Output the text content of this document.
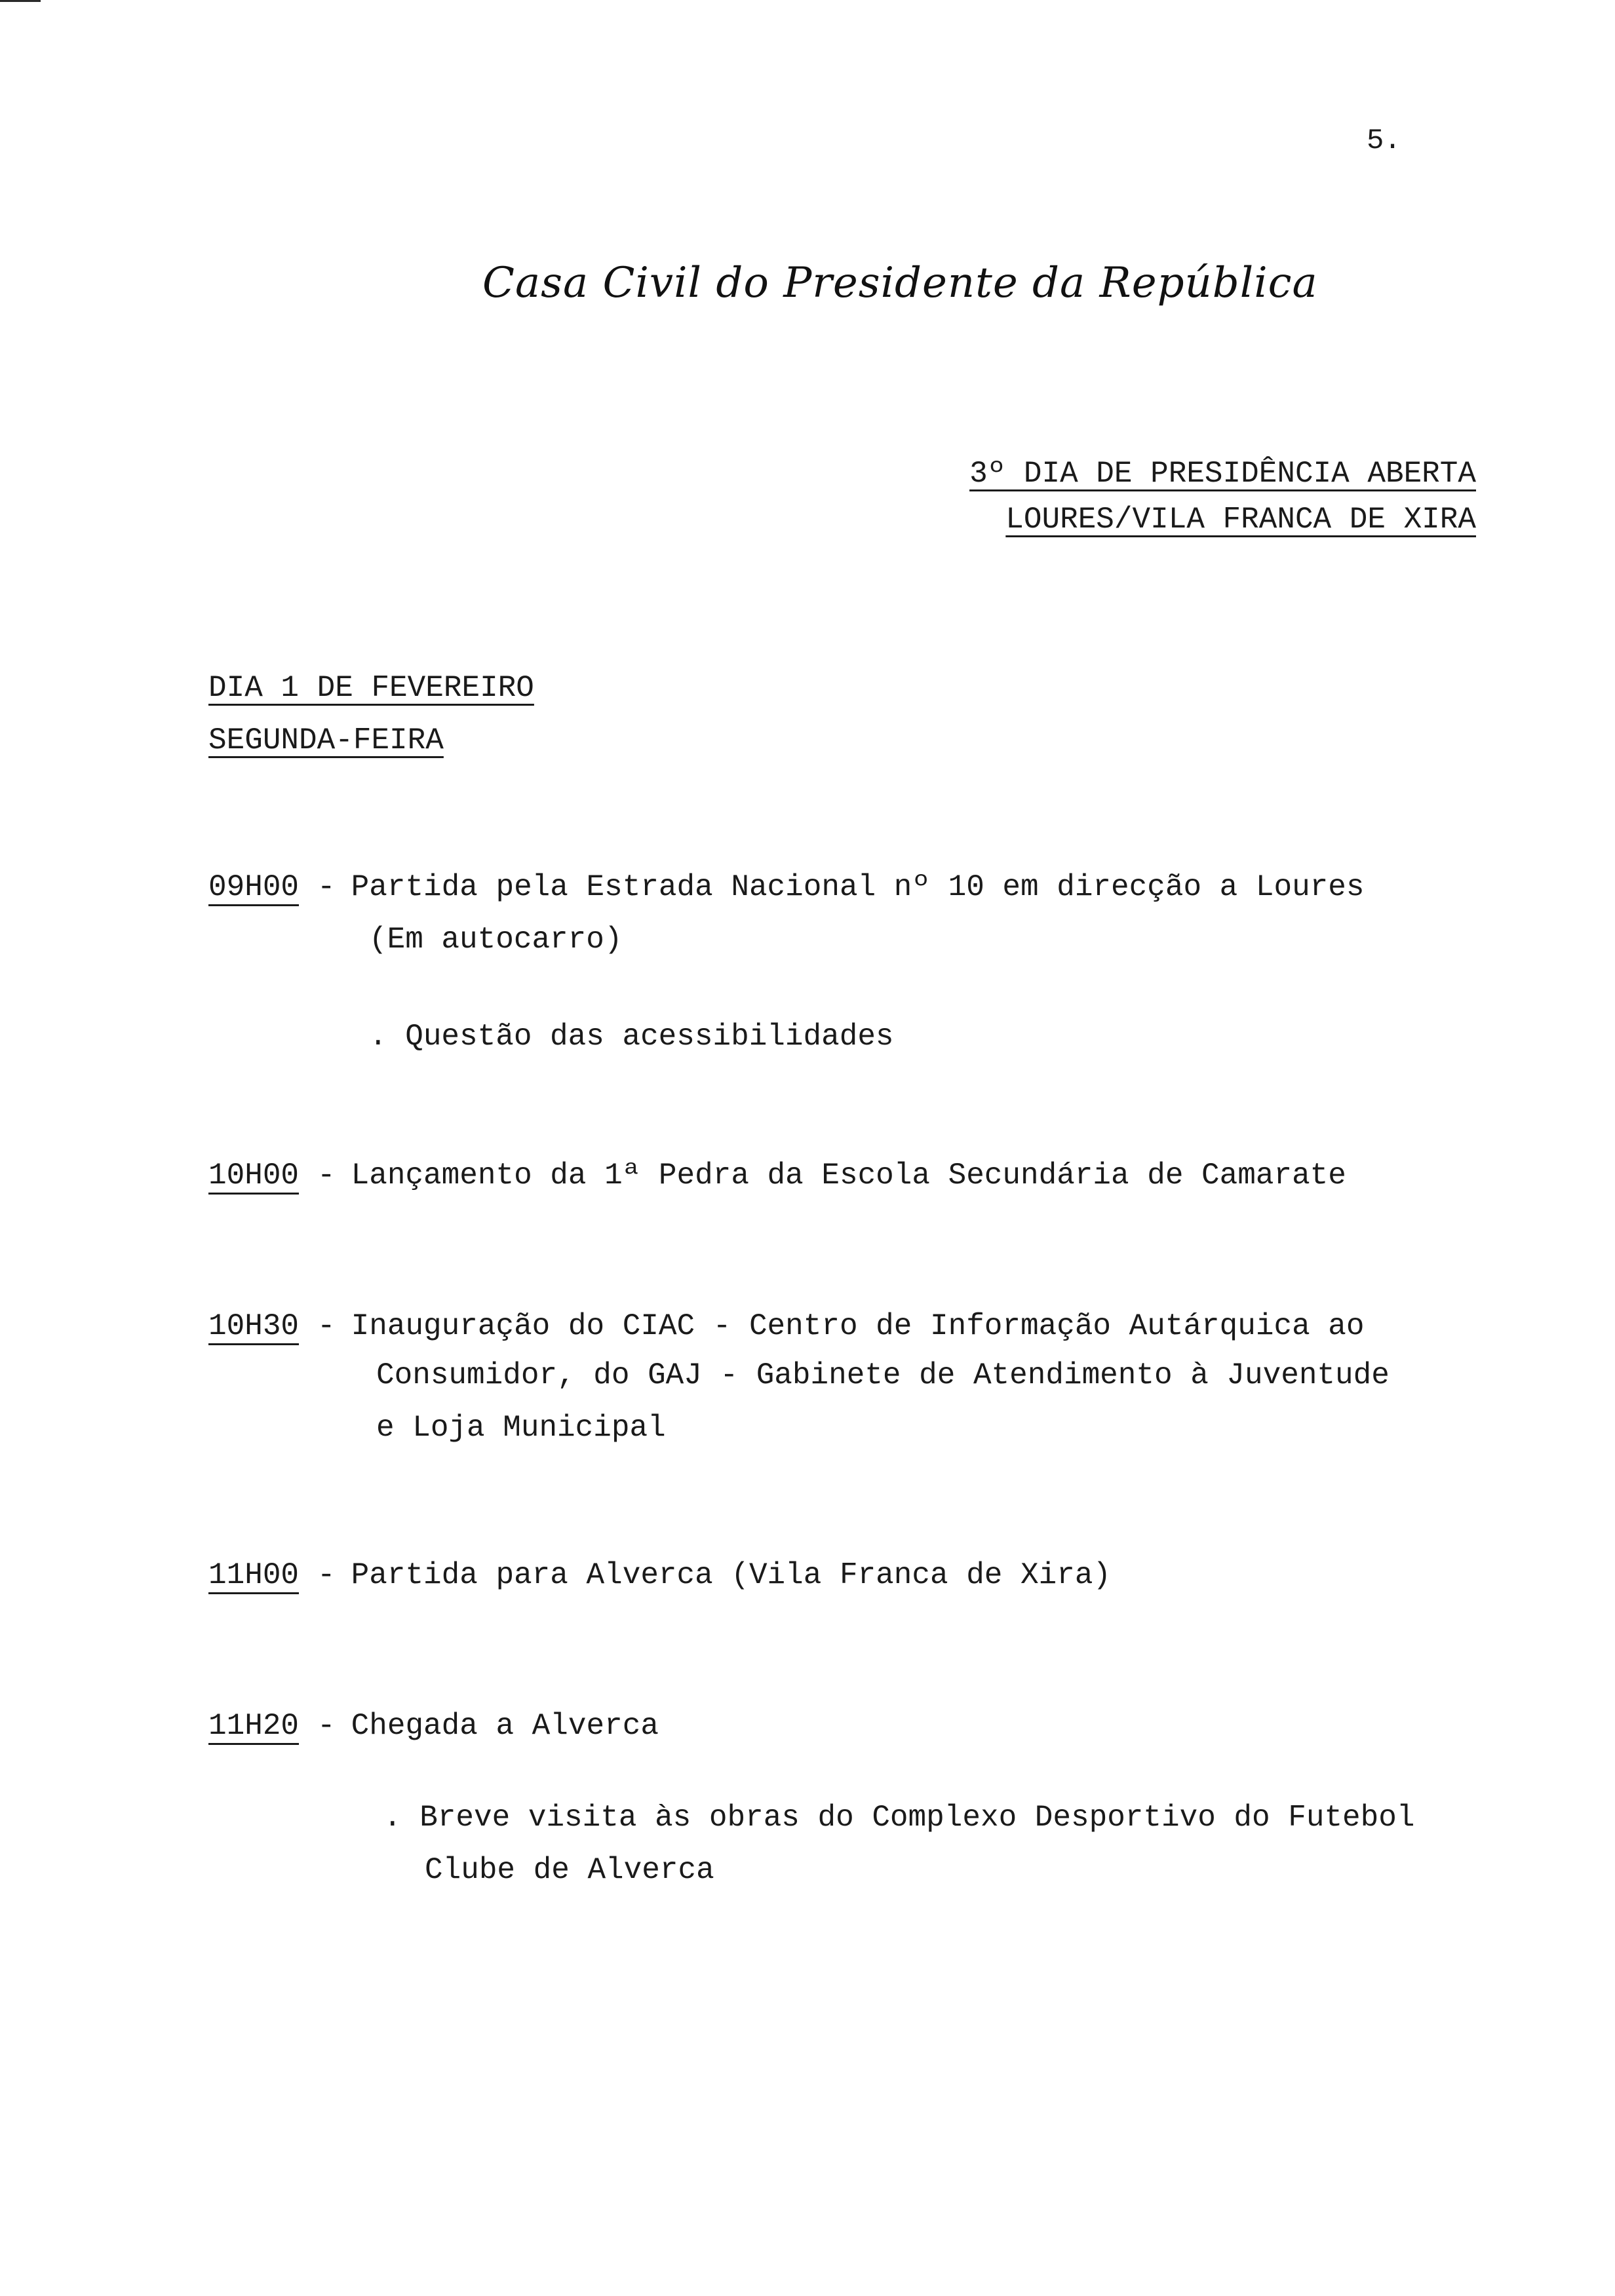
5.
Casa Civil do Presidente da República
3º DIA DE PRESIDÊNCIA ABERTA
LOURES/VILA FRANCA DE XIRA
DIA 1 DE FEVEREIRO
SEGUNDA-FEIRA
09H00 - Partida pela Estrada Nacional nº 10 em direcção a Loures
(Em autocarro)
. Questão das acessibilidades
10H00 - Lançamento da 1ª Pedra da Escola Secundária de Camarate
10H30 - Inauguração do CIAC - Centro de Informação Autárquica ao
Consumidor, do GAJ - Gabinete de Atendimento à Juventude
e Loja Municipal
11H00 - Partida para Alverca (Vila Franca de Xira)
11H20 - Chegada a Alverca
. Breve visita às obras do Complexo Desportivo do Futebol
Clube de Alverca
